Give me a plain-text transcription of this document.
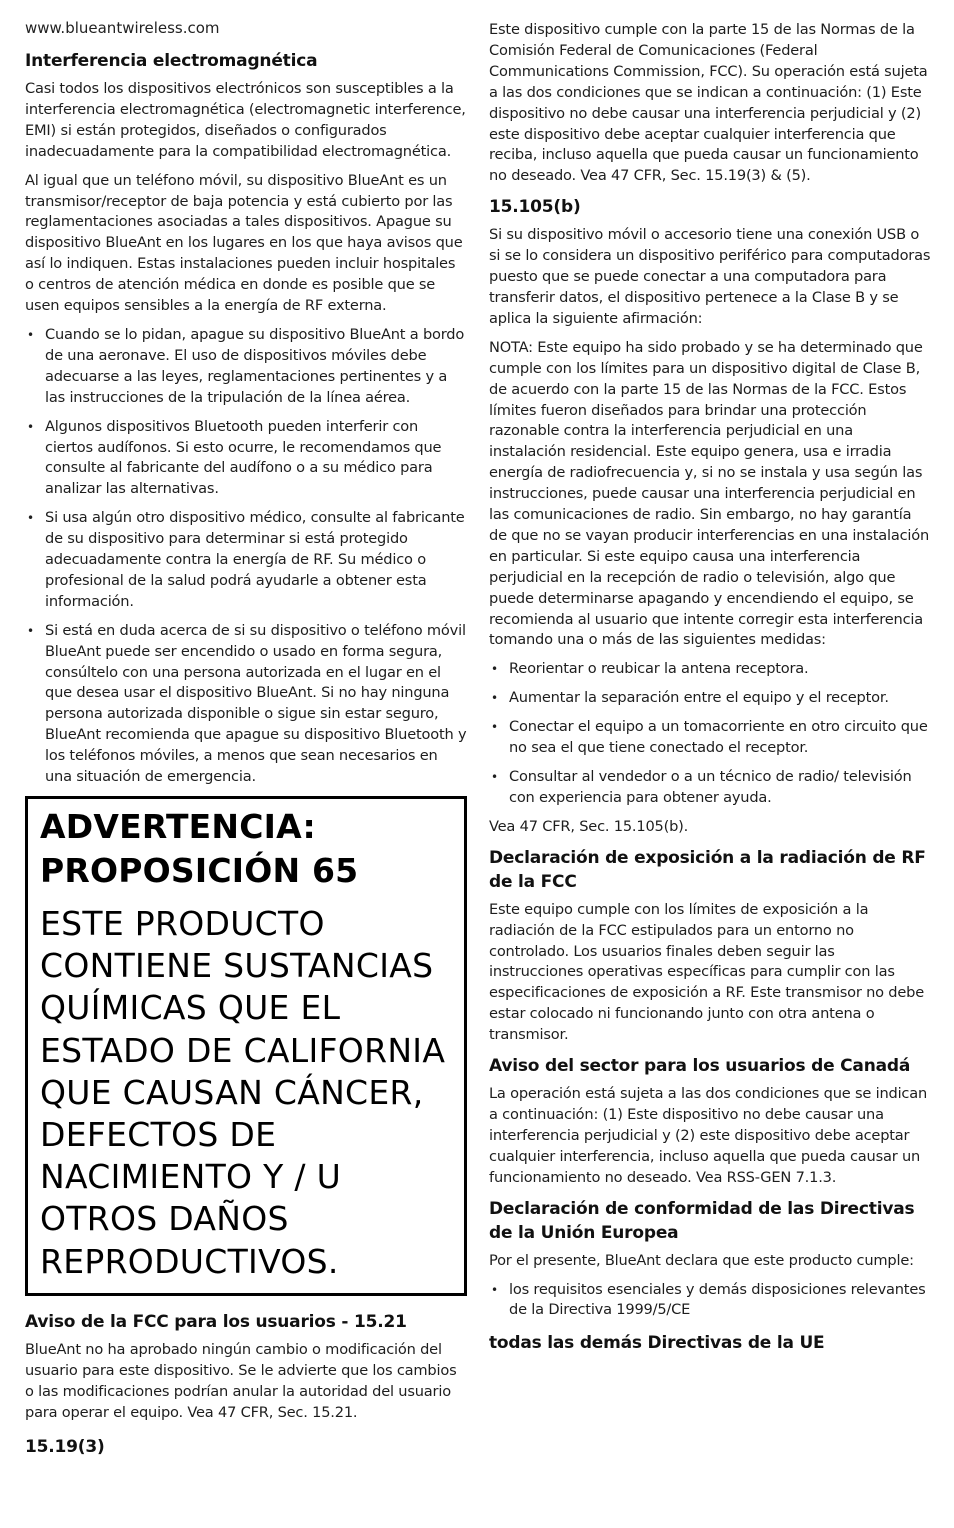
www.blueantwireless.com
Interferencia electromagnética

Casi todos los dispositivos electrónicos son susceptibles a la interferencia electromagnética (electromagnetic interference, EMI) si están protegidos, diseñados o configurados inadecuadamente para la compatibilidad electromagnética.

Al igual que un teléfono móvil, su dispositivo BlueAnt es un transmisor/receptor de baja potencia y está cubierto por las reglamentaciones asociadas a tales dispositivos. Apague su dispositivo BlueAnt en los lugares en los que haya avisos que así lo indiquen. Estas instalaciones pueden incluir hospitales o centros de atención médica en donde es posible que se usen equipos sensibles a la energía de RF externa.

• Cuando se lo pidan, apague su dispositivo BlueAnt a bordo de una aeronave. El uso de dispositivos móviles debe adecuarse a las leyes, reglamentaciones pertinentes y a las instrucciones de la tripulación de la línea aérea.
• Algunos dispositivos Bluetooth pueden interferir con ciertos audífonos. Si esto ocurre, le recomendamos que consulte al fabricante del audífono o a su médico para analizar las alternativas.
• Si usa algún otro dispositivo médico, consulte al fabricante de su dispositivo para determinar si está protegido adecuadamente contra la energía de RF. Su médico o profesional de la salud podrá ayudarle a obtener esta información.
• Si está en duda acerca de si su dispositivo o teléfono móvil BlueAnt puede ser encendido o usado en forma segura, consúltelo con una persona autorizada en el lugar en el que desea usar el dispositivo BlueAnt. Si no hay ninguna persona autorizada disponible o sigue sin estar seguro, BlueAnt recomienda que apague su dispositivo Bluetooth y los teléfonos móviles, a menos que sean necesarios en una situación de emergencia.
ADVERTENCIA:
PROPOSICIÓN 65
ESTE PRODUCTO CONTIENE SUSTANCIAS QUÍMICAS QUE EL ESTADO DE CALIFORNIA QUE CAUSAN CÁNCER, DEFECTOS DE NACIMIENTO Y / U OTROS DAÑOS REPRODUCTIVOS.
Aviso de la FCC para los usuarios - 15.21

BlueAnt no ha aprobado ningún cambio o modificación del usuario para este dispositivo. Se le advierte que los cambios o las modificaciones podrían anular la autoridad del usuario para operar el equipo. Vea 47 CFR, Sec. 15.21.

15.19(3)

Este dispositivo cumple con la parte 15 de las Normas de la Comisión Federal de Comunicaciones (Federal Communications Commission, FCC). Su operación está sujeta a las dos condiciones que se indican a continuación: (1) Este dispositivo no debe causar una interferencia perjudicial y (2) este dispositivo debe aceptar cualquier interferencia que reciba, incluso aquella que pueda causar un funcionamiento no deseado. Vea 47 CFR, Sec. 15.19(3) & (5).

15.105(b)

Si su dispositivo móvil o accesorio tiene una conexión USB o si se lo considera un dispositivo periférico para computadoras puesto que se puede conectar a una computadora para transferir datos, el dispositivo pertenece a la Clase B y se aplica la siguiente afirmación:

NOTA: Este equipo ha sido probado y se ha determinado que cumple con los límites para un dispositivo digital de Clase B, de acuerdo con la parte 15 de las Normas de la FCC. Estos límites fueron diseñados para brindar una protección razonable contra la interferencia perjudicial en una instalación residencial. Este equipo genera, usa e irradia energía de radiofrecuencia y, si no se instala y usa según las instrucciones, puede causar una interferencia perjudicial en las comunicaciones de radio. Sin embargo, no hay garantía de que no se vayan producir interferencias en una instalación en particular. Si este equipo causa una interferencia perjudicial en la recepción de radio o televisión, algo que puede determinarse apagando y encendiendo el equipo, se recomienda al usuario que intente corregir esta interferencia tomando una o más de las siguientes medidas:

• Reorientar o reubicar la antena receptora.
• Aumentar la separación entre el equipo y el receptor.
• Conectar el equipo a un tomacorriente en otro circuito que no sea el que tiene conectado el receptor.
• Consultar al vendedor o a un técnico de radio/ televisión con experiencia para obtener ayuda.

Vea 47 CFR, Sec. 15.105(b).

Declaración de exposición a la radiación de RF de la FCC

Este equipo cumple con los límites de exposición a la radiación de la FCC estipulados para un entorno no controlado. Los usuarios finales deben seguir las instrucciones operativas específicas para cumplir con las especificaciones de exposición a RF. Este transmisor no debe estar colocado ni funcionando junto con otra antena o transmisor.

Aviso del sector para los usuarios de Canadá

La operación está sujeta a las dos condiciones que se indican a continuación: (1) Este dispositivo no debe causar una interferencia perjudicial y (2) este dispositivo debe aceptar cualquier interferencia, incluso aquella que pueda causar un funcionamiento no deseado. Vea RSS-GEN 7.1.3.

Declaración de conformidad de las Directivas de la Unión Europea

Por el presente, BlueAnt declara que este producto cumple:

• los requisitos esenciales y demás disposiciones relevantes de la Directiva 1999/5/CE
todas las demás Directivas de la UE
